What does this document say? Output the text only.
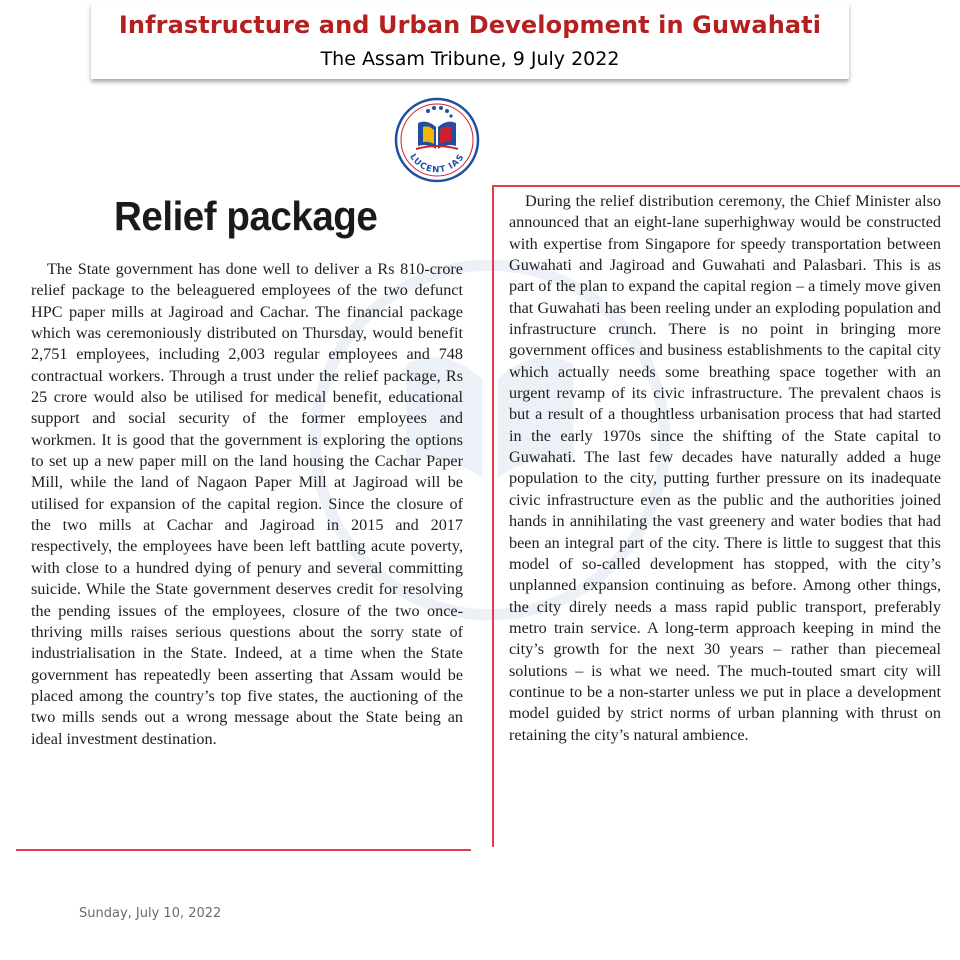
Infrastructure and Urban Development in Guwahati
The Assam Tribune, 9 July 2022
LUCENT IAS
Relief package
The State government has done well to deliver a Rs 810-crore relief package to the beleaguered employees of the two defunct HPC paper mills at Jagiroad and Cachar. The financial package which was ceremoniously distributed on Thursday, would benefit 2,751 employees, including 2,003 regular employees and 748 contractual workers. Through a trust under the relief package, Rs 25 crore would also be utilised for medical benefit, educational support and social security of the former employees and workmen. It is good that the government is exploring the options to set up a new paper mill on the land housing the Cachar Paper Mill, while the land of Nagaon Paper Mill at Jagiroad will be utilised for expansion of the capital region. Since the closure of the two mills at Cachar and Jagiroad in 2015 and 2017 respectively, the employees have been left battling acute poverty, with close to a hundred dying of penury and several committing suicide. While the State government deserves credit for resolving the pending issues of the employees, closure of the two once-thriving mills raises serious questions about the sorry state of industrialisation in the State. Indeed, at a time when the State government has repeatedly been asserting that Assam would be placed among the country’s top five states, the auctioning of the two mills sends out a wrong message about the State being an ideal investment destination.
During the relief distribution ceremony, the Chief Minister also announced that an eight-lane superhighway would be constructed with expertise from Singapore for speedy transportation between Guwahati and Jagiroad and Guwahati and Palasbari. This is as part of the plan to expand the capital region – a timely move given that Guwahati has been reeling under an exploding population and infrastructure crunch. There is no point in bringing more government offices and business establishments to the capital city which actually needs some breathing space together with an urgent revamp of its civic infrastructure. The prevalent chaos is but a result of a thoughtless urbanisation process that had started in the early 1970s since the shifting of the State capital to Guwahati. The last few decades have naturally added a huge population to the city, putting further pressure on its inadequate civic infrastructure even as the public and the authorities joined hands in annihilating the vast greenery and water bodies that had been an integral part of the city. There is little to suggest that this model of so-called development has stopped, with the city’s unplanned expansion continuing as before. Among other things, the city direly needs a mass rapid public transport, preferably metro train service. A long-term approach keeping in mind the city’s growth for the next 30 years – rather than piecemeal solutions – is what we need. The much-touted smart city will continue to be a non-starter unless we put in place a development model guided by strict norms of urban planning with thrust on retaining the city’s natural ambience.
Sunday, July 10, 2022
